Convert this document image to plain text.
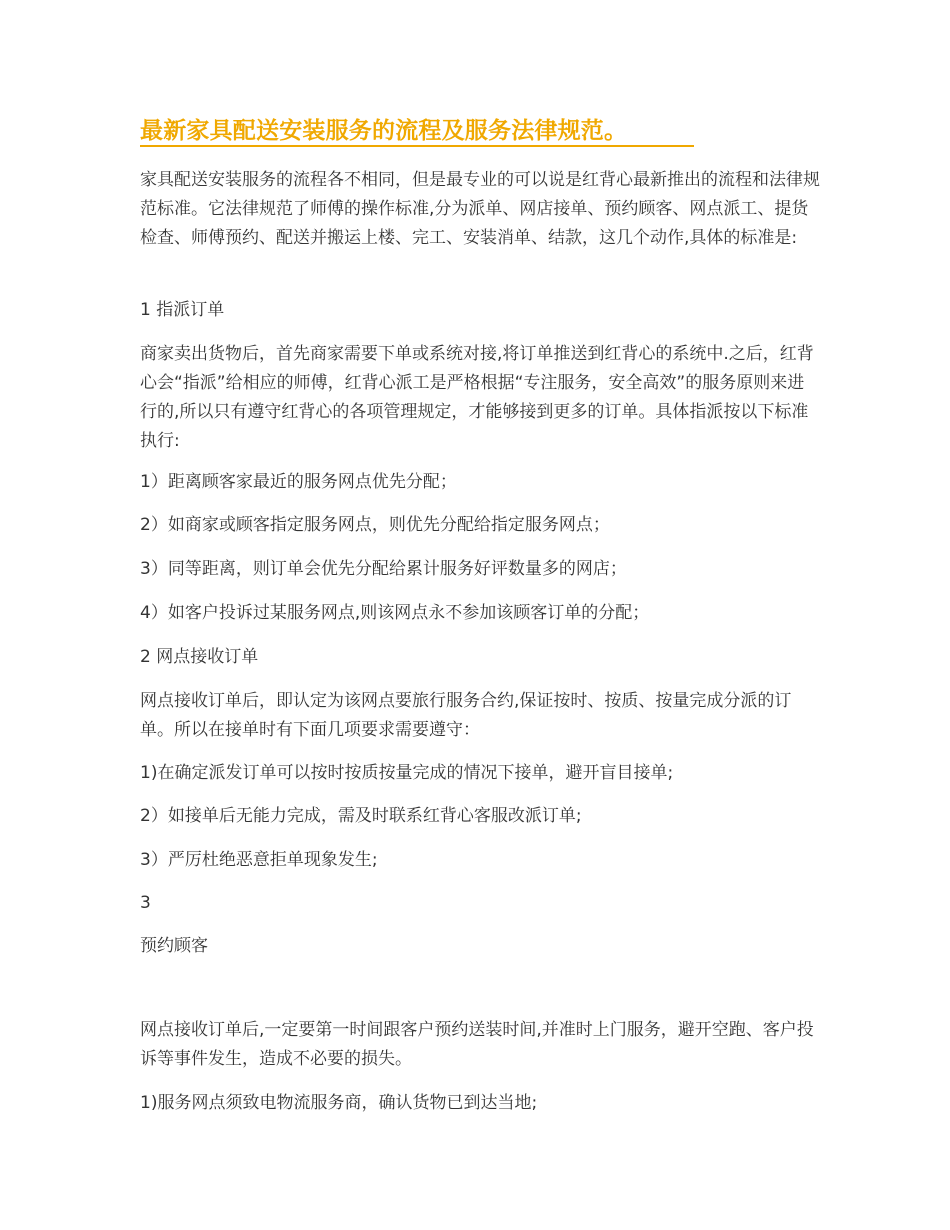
最新家具配送安装服务的流程及服务法律规范。

家具配送安装服务的流程各不相同，但是最专业的可以说是红背心最新推出的流程和法律规范标准。它法律规范了师傅的操作标准,分为派单、网店接单、预约顾客、网点派工、提货检查、师傅预约、配送并搬运上楼、完工、安装消单、结款，这几个动作,具体的标准是:

1 指派订单

商家卖出货物后，首先商家需要下单或系统对接,将订单推送到红背心的系统中.之后，红背心会“指派”给相应的师傅，红背心派工是严格根据“专注服务，安全高效”的服务原则来进行的,所以只有遵守红背心的各项管理规定，才能够接到更多的订单。具体指派按以下标准执行:

1）距离顾客家最近的服务网点优先分配；

2）如商家或顾客指定服务网点，则优先分配给指定服务网点；

3）同等距离，则订单会优先分配给累计服务好评数量多的网店；

4）如客户投诉过某服务网点,则该网点永不参加该顾客订单的分配；

2 网点接收订单

网点接收订单后，即认定为该网点要旅行服务合约,保证按时、按质、按量完成分派的订单。所以在接单时有下面几项要求需要遵守：

1)在确定派发订单可以按时按质按量完成的情况下接单，避开盲目接单;

2）如接单后无能力完成，需及时联系红背心客服改派订单;

3）严厉杜绝恶意拒单现象发生;

3

预约顾客

网点接收订单后,一定要第一时间跟客户预约送装时间,并准时上门服务，避开空跑、客户投诉等事件发生，造成不必要的损失。

1)服务网点须致电物流服务商，确认货物已到达当地;
